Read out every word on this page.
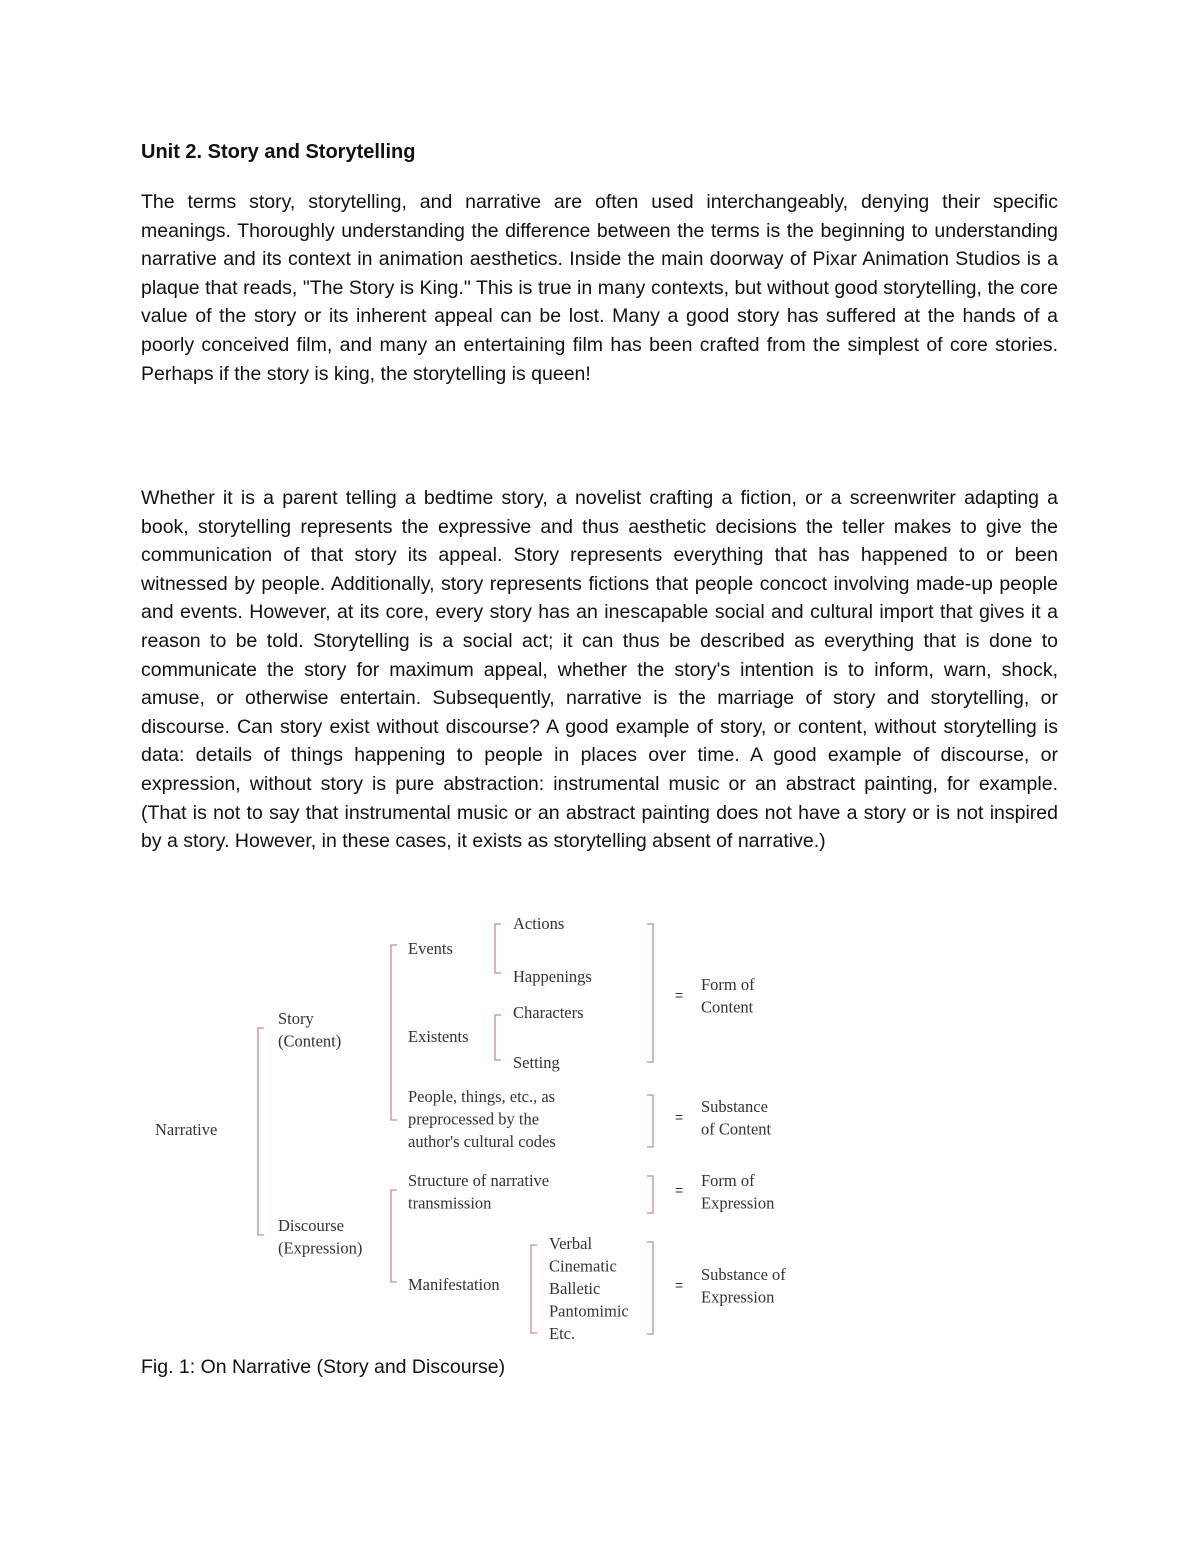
Unit 2. Story and Storytelling

The terms story, storytelling, and narrative are often used interchangeably, denying their specific meanings. Thoroughly understanding the difference between the terms is the beginning to understanding narrative and its context in animation aesthetics. Inside the main doorway of Pixar Animation Studios is a plaque that reads, "The Story is King." This is true in many contexts, but without good storytelling, the core value of the story or its inherent appeal can be lost. Many a good story has suffered at the hands of a poorly conceived film, and many an entertaining film has been crafted from the simplest of core stories. Perhaps if the story is king, the storytelling is queen!

Whether it is a parent telling a bedtime story, a novelist crafting a fiction, or a screenwriter adapting a book, storytelling represents the expressive and thus aesthetic decisions the teller makes to give the communication of that story its appeal. Story represents everything that has happened to or been witnessed by people. Additionally, story represents fictions that people concoct involving made-up people and events. However, at its core, every story has an inescapable social and cultural import that gives it a reason to be told. Storytelling is a social act; it can thus be described as everything that is done to communicate the story for maximum appeal, whether the story's intention is to inform, warn, shock, amuse, or otherwise entertain. Subsequently, narrative is the marriage of story and storytelling, or discourse. Can story exist without discourse? A good example of story, or content, without storytelling is data: details of things happening to people in places over time. A good example of discourse, or expression, without story is pure abstraction: instrumental music or an abstract painting, for example. (That is not to say that instrumental music or an abstract painting does not have a story or is not inspired by a story. However, in these cases, it exists as storytelling absent of narrative.)

Narrative
Story (Content)
Discourse (Expression)
Events
Actions
Happenings
Existents
Characters
Setting
People, things, etc., as preprocessed by the author's cultural codes
Structure of narrative transmission
Manifestation
Verbal Cinematic Balletic Pantomimic Etc.
=
=
=
=
Form of Content
Substance of Content
Form of Expression
Substance of Expression

Fig. 1: On Narrative (Story and Discourse)
